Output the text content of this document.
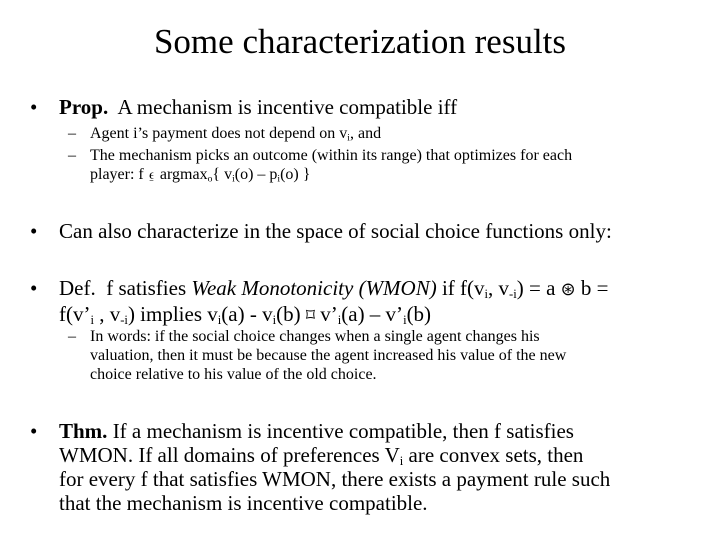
Some characterization results
• Prop. A mechanism is incentive compatible iff
– Agent i’s payment does not depend on $v_i$, and
– The mechanism picks an outcome (within its range) that optimizes for each
player: f ⍷ argmax$_o${ $v_i(o) - p_i(o)$ }
• Can also characterize in the space of social choice functions only:
• Def. f satisfies Weak Monotonicity (WMON) if $f(v_i$, $v_{-i}) = a$ ⊛ b =
$f(v’_i$ , $v_{-i}$) implies $v_i(a) - v_i(b)$ ⌑ $v’_i(a)$ – $v’_i(b)$
– In words: if the social choice changes when a single agent changes his
valuation, then it must be because the agent increased his value of the new
choice relative to his value of the old choice.
• Thm. If a mechanism is incentive compatible, then f satisfies
WMON. If all domains of preferences $V_i$ are convex sets, then
for every f that satisfies WMON, there exists a payment rule such
that the mechanism is incentive compatible.
